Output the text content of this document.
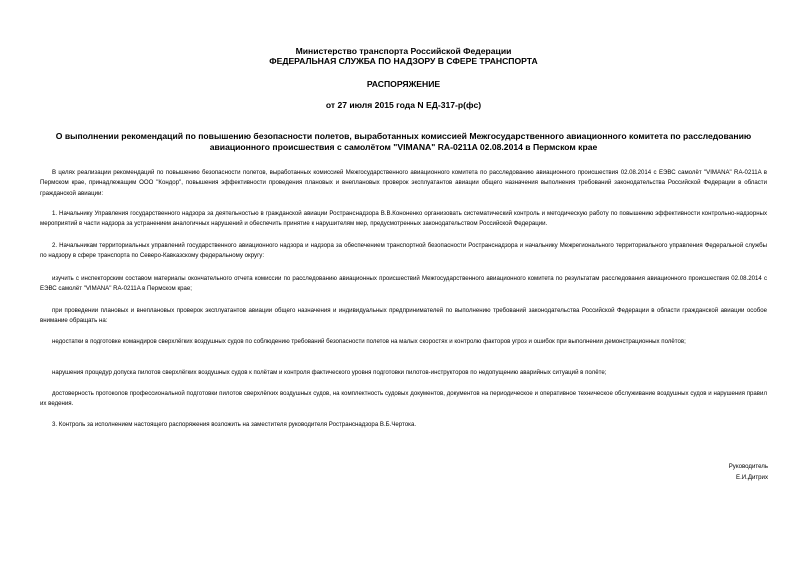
Министерство транспорта Российской Федерации
ФЕДЕРАЛЬНАЯ СЛУЖБА ПО НАДЗОРУ В СФЕРЕ ТРАНСПОРТА
РАСПОРЯЖЕНИЕ
от 27 июля 2015 года N ЕД-317-р(фс)
О выполнении рекомендаций по повышению безопасности полетов, выработанных комиссией Межгосударственного авиационного комитета по расследованию
авиационного происшествия с самолётом "VIMANA" RA-0211A 02.08.2014 в Пермском крае

В целях реализации рекомендаций по повышению безопасности полетов, выработанных комиссией Межгосударственного авиационного комитета по расследованию авиационного происшествия 02.08.2014 с ЕЭВС самолёт "VIMANA" RA-0211A в Пермском крае, принадлежащим ООО "Кондор", повышения эффективности проведения плановых и внеплановых проверок эксплуатантов авиации общего назначения выполнения требований законодательства Российской Федерации в области гражданской авиации:

1. Начальнику Управления государственного надзора за деятельностью в гражданской авиации Ространснадзора В.В.Кононенко организовать систематический контроль и методическую работу по повышению эффективности контрольно-надзорных мероприятий в части надзора за устранением аналогичных нарушений и обеспечить принятие к нарушителям мер, предусмотренных законодательством Российской Федерации.

2. Начальникам территориальных управлений государственного авиационного надзора и надзора за обеспечением транспортной безопасности Ространснадзора и начальнику Межрегионального территориального управления Федеральной службы по надзору в сфере транспорта по Северо-Кавказскому федеральному округу:

изучить с инспекторским составом материалы окончательного отчета комиссии по расследованию авиационных происшествий Межгосударственного авиационного комитета по результатам расследования авиационного происшествия 02.08.2014 с ЕЭВС самолёт "VIMANA" RA-0211A в Пермском крае;

при проведении плановых и внеплановых проверок эксплуатантов авиации общего назначения и индивидуальных предпринимателей по выполнению требований законодательства Российской Федерации в области гражданской авиации особое внимание обращать на:

недостатки в подготовке командиров сверхлёгких воздушных судов по соблюдению требований безопасности полетов на малых скоростях и контролю факторов угроз и ошибок при выполнении демонстрационных полётов;

нарушения процедур допуска пилотов сверхлёгких воздушных судов к полётам и контроля фактического уровня подготовки пилотов-инструкторов по недопущению аварийных ситуаций в полёте;

достоверность протоколов профессиональной подготовки пилотов сверхлёгких воздушных судов, на комплектность судовых документов, документов на периодическое и оперативное техническое обслуживание воздушных судов и нарушения правил их ведения.

3. Контроль за исполнением настоящего распоряжения возложить на заместителя руководителя Ространснадзора В.Б.Чертока.

Руководитель
Е.И.Дитрих
